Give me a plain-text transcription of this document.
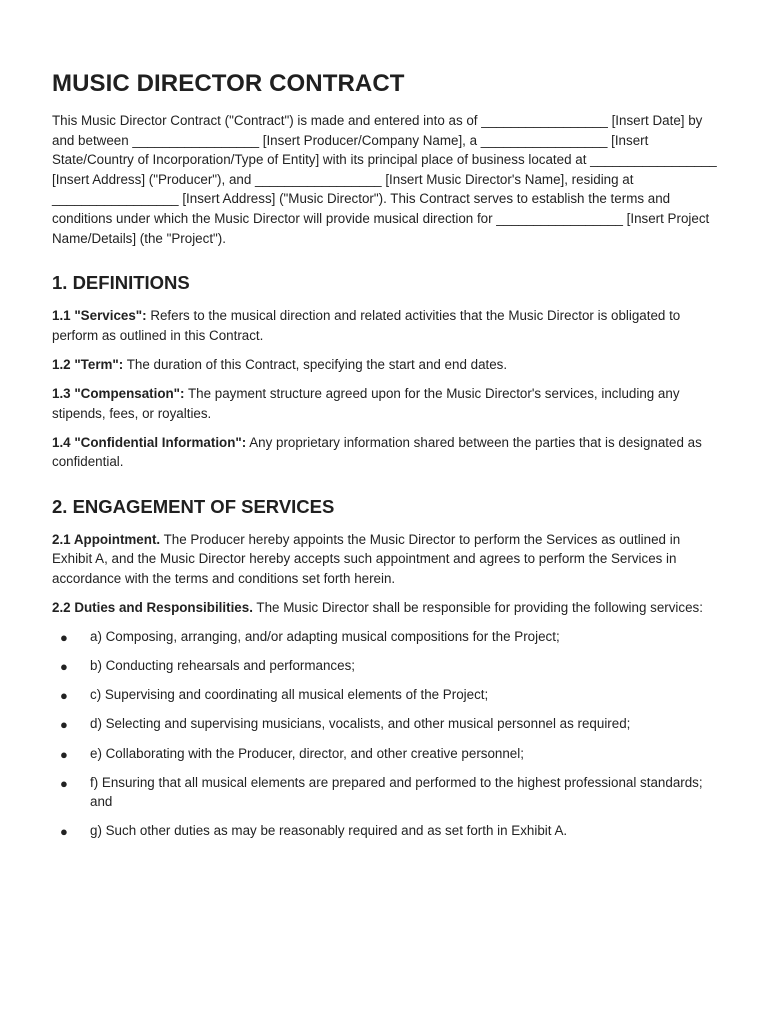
MUSIC DIRECTOR CONTRACT

This Music Director Contract ("Contract") is made and entered into as of _________________ [Insert Date] by and between _________________ [Insert Producer/Company Name], a _________________ [Insert State/Country of Incorporation/Type of Entity] with its principal place of business located at _________________ [Insert Address] ("Producer"), and _________________ [Insert Music Director's Name], residing at _________________ [Insert Address] ("Music Director"). This Contract serves to establish the terms and conditions under which the Music Director will provide musical direction for _________________ [Insert Project Name/Details] (the "Project").

1. DEFINITIONS

1.1 "Services": Refers to the musical direction and related activities that the Music Director is obligated to perform as outlined in this Contract.

1.2 "Term": The duration of this Contract, specifying the start and end dates.

1.3 "Compensation": The payment structure agreed upon for the Music Director's services, including any stipends, fees, or royalties.

1.4 "Confidential Information": Any proprietary information shared between the parties that is designated as confidential.

2. ENGAGEMENT OF SERVICES

2.1 Appointment. The Producer hereby appoints the Music Director to perform the Services as outlined in Exhibit A, and the Music Director hereby accepts such appointment and agrees to perform the Services in accordance with the terms and conditions set forth herein.

2.2 Duties and Responsibilities. The Music Director shall be responsible for providing the following services:

● a) Composing, arranging, and/or adapting musical compositions for the Project;
● b) Conducting rehearsals and performances;
● c) Supervising and coordinating all musical elements of the Project;
● d) Selecting and supervising musicians, vocalists, and other musical personnel as required;
● e) Collaborating with the Producer, director, and other creative personnel;
● f) Ensuring that all musical elements are prepared and performed to the highest professional standards; and
● g) Such other duties as may be reasonably required and as set forth in Exhibit A.
